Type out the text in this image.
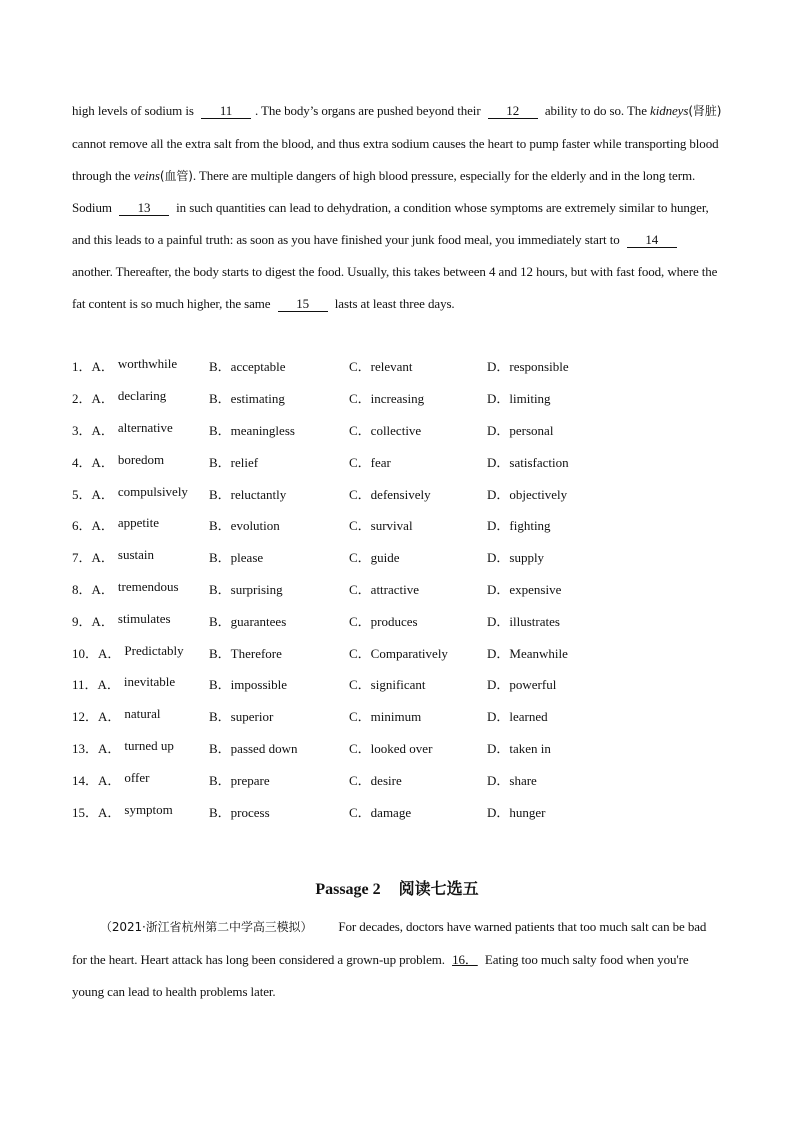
high levels of sodium is 11 . The body’s organs are pushed beyond their 12 ability to do so. The kidneys(肾脏) cannot remove all the extra salt from the blood, and thus extra sodium causes the heart to pump faster while transporting blood through the veins(血管). There are multiple dangers of high blood pressure, especially for the elderly and in the long term. Sodium 13 in such quantities can lead to dehydration, a condition whose symptoms are extremely similar to hunger, and this leads to a painful truth: as soon as you have finished your junk food meal, you immediately start to 14 another. Thereafter, the body starts to digest the food. Usually, this takes between 4 and 12 hours, but with fast food, where the fat content is so much higher, the same 15 lasts at least three days.
1．A． worthwhile B．acceptable	C．relevant	D．responsible
2．A． declaring	B．estimating	C．increasing	D．limiting
3．A． alternative	B．meaningless	C．collective	D．personal
4．A． boredom	B．relief	C．fear	D．satisfaction
5．A． compulsively B．reluctantly	C．defensively	D．objectively
6．A． appetite	B．evolution	C．survival	D．fighting
7．A． sustain	B．please	C．guide	D．supply
8．A． tremendous B．surprising	C．attractive	D．expensive
9．A． stimulates	B．guarantees	C．produces	D．illustrates
10．A． Predictably B．Therefore	C．Comparatively	D．Meanwhile
11．A． inevitable	B．impossible	C．significant	D．powerful
12．A． natural	B．superior	C．minimum	D．learned
13．A． turned up	B．passed down	C．looked over	D．taken in
14．A． offer	B．prepare	C．desire	D．share
15．A． symptom	B．process	C．damage	D．hunger
Passage 2 阅读七选五
（2021·浙江省杭州第二中学高三模拟） For decades, doctors have warned patients that too much salt can be bad for the heart. Heart attack has long been considered a grown-up problem. 16． Eating too much salty food when you're young can lead to health problems later.
